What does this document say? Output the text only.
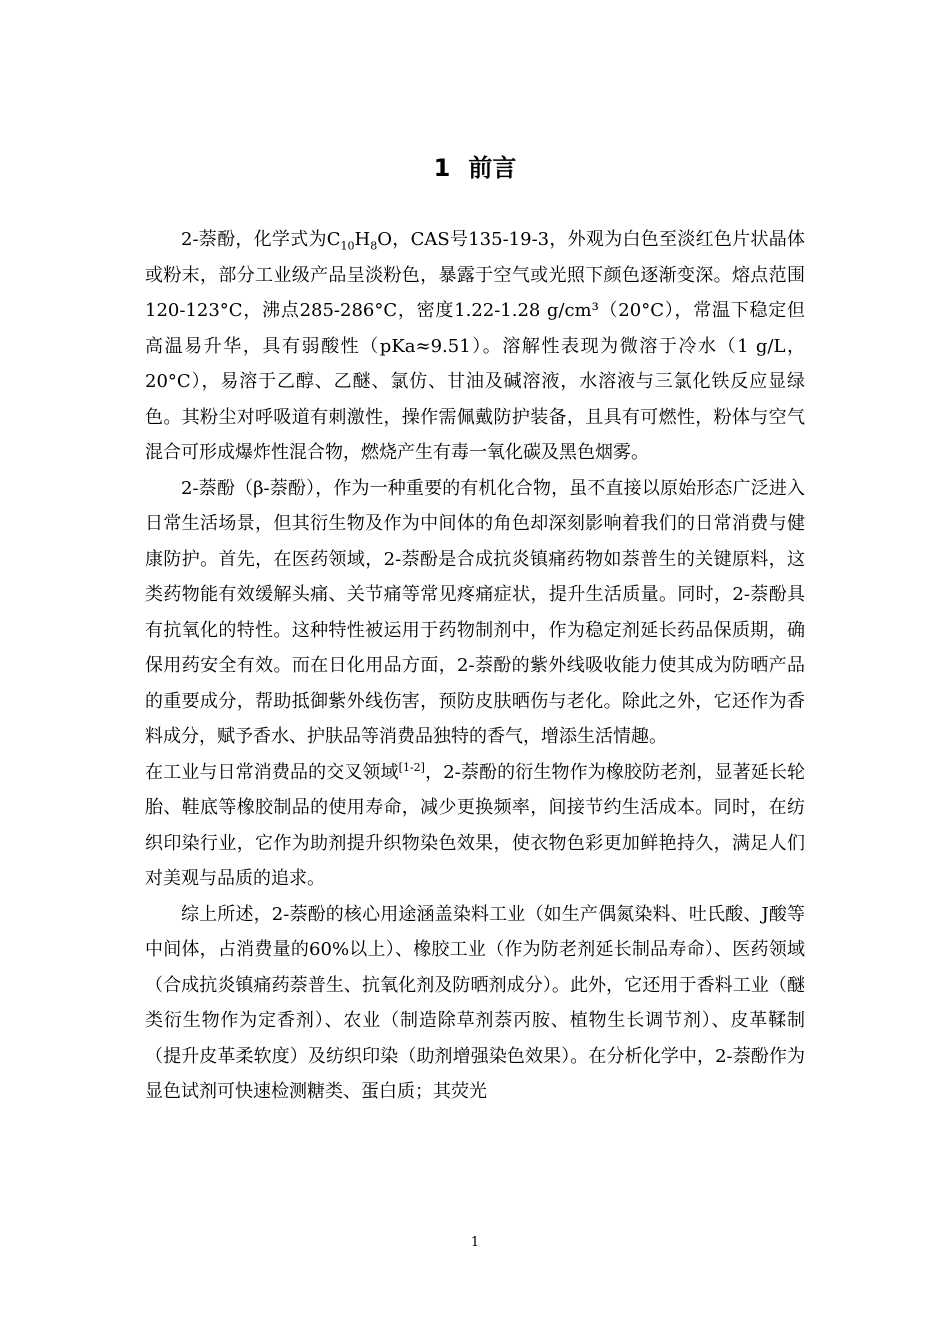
1 前言

2-萘酚，化学式为$C_{10}H_8O$，CAS号135-19-3，外观为白色至淡红色片状晶体或粉末，部分工业级产品呈淡粉色，暴露于空气或光照下颜色逐渐变深。熔点范围120-123°C，沸点285-286°C，密度1.22-1.28 g/cm³（20°C），常温下稳定但高温易升华，具有弱酸性（pKa≈9.51）。溶解性表现为微溶于冷水（1 g/L， 20°C），易溶于乙醇、乙醚、氯仿、甘油及碱溶液，水溶液与三氯化铁反应显绿色。其粉尘对呼吸道有刺激性，操作需佩戴防护装备，且具有可燃性，粉体与空气混合可形成爆炸性混合物，燃烧产生有毒一氧化碳及黑色烟雾。

2-萘酚（β-萘酚），作为一种重要的有机化合物，虽不直接以原始形态广泛进入日常生活场景，但其衍生物及作为中间体的角色却深刻影响着我们的日常消费与健康防护。首先，在医药领域，2-萘酚是合成抗炎镇痛药物如萘普生的关键原料，这类药物能有效缓解头痛、关节痛等常见疼痛症状，提升生活质量。同时，2-萘酚具有抗氧化的特性。这种特性被运用于药物制剂中，作为稳定剂延长药品保质期，确保用药安全有效。而在日化用品方面，2-萘酚的紫外线吸收能力使其成为防晒产品的重要成分，帮助抵御紫外线伤害，预防皮肤晒伤与老化。除此之外，它还作为香料成分，赋予香水、护肤品等消费品独特的香气，增添生活情趣。

在工业与日常消费品的交叉领域[1-2]，2-萘酚的衍生物作为橡胶防老剂，显著延长轮胎、鞋底等橡胶制品的使用寿命，减少更换频率，间接节约生活成本。同时，在纺织印染行业，它作为助剂提升织物染色效果，使衣物色彩更加鲜艳持久，满足人们对美观与品质的追求。

综上所述，2-萘酚的核心用途涵盖染料工业（如生产偶氮染料、吐氏酸、J酸等中间体，占消费量的60%以上）、橡胶工业（作为防老剂延长制品寿命）、医药领域（合成抗炎镇痛药萘普生、抗氧化剂及防晒剂成分）。此外，它还用于香料工业（醚类衍生物作为定香剂）、农业（制造除草剂萘丙胺、植物生长调节剂）、皮革鞣制（提升皮革柔软度）及纺织印染（助剂增强染色效果）。在分析化学中，2-萘酚作为显色试剂可快速检测糖类、蛋白质；其荧光

1
